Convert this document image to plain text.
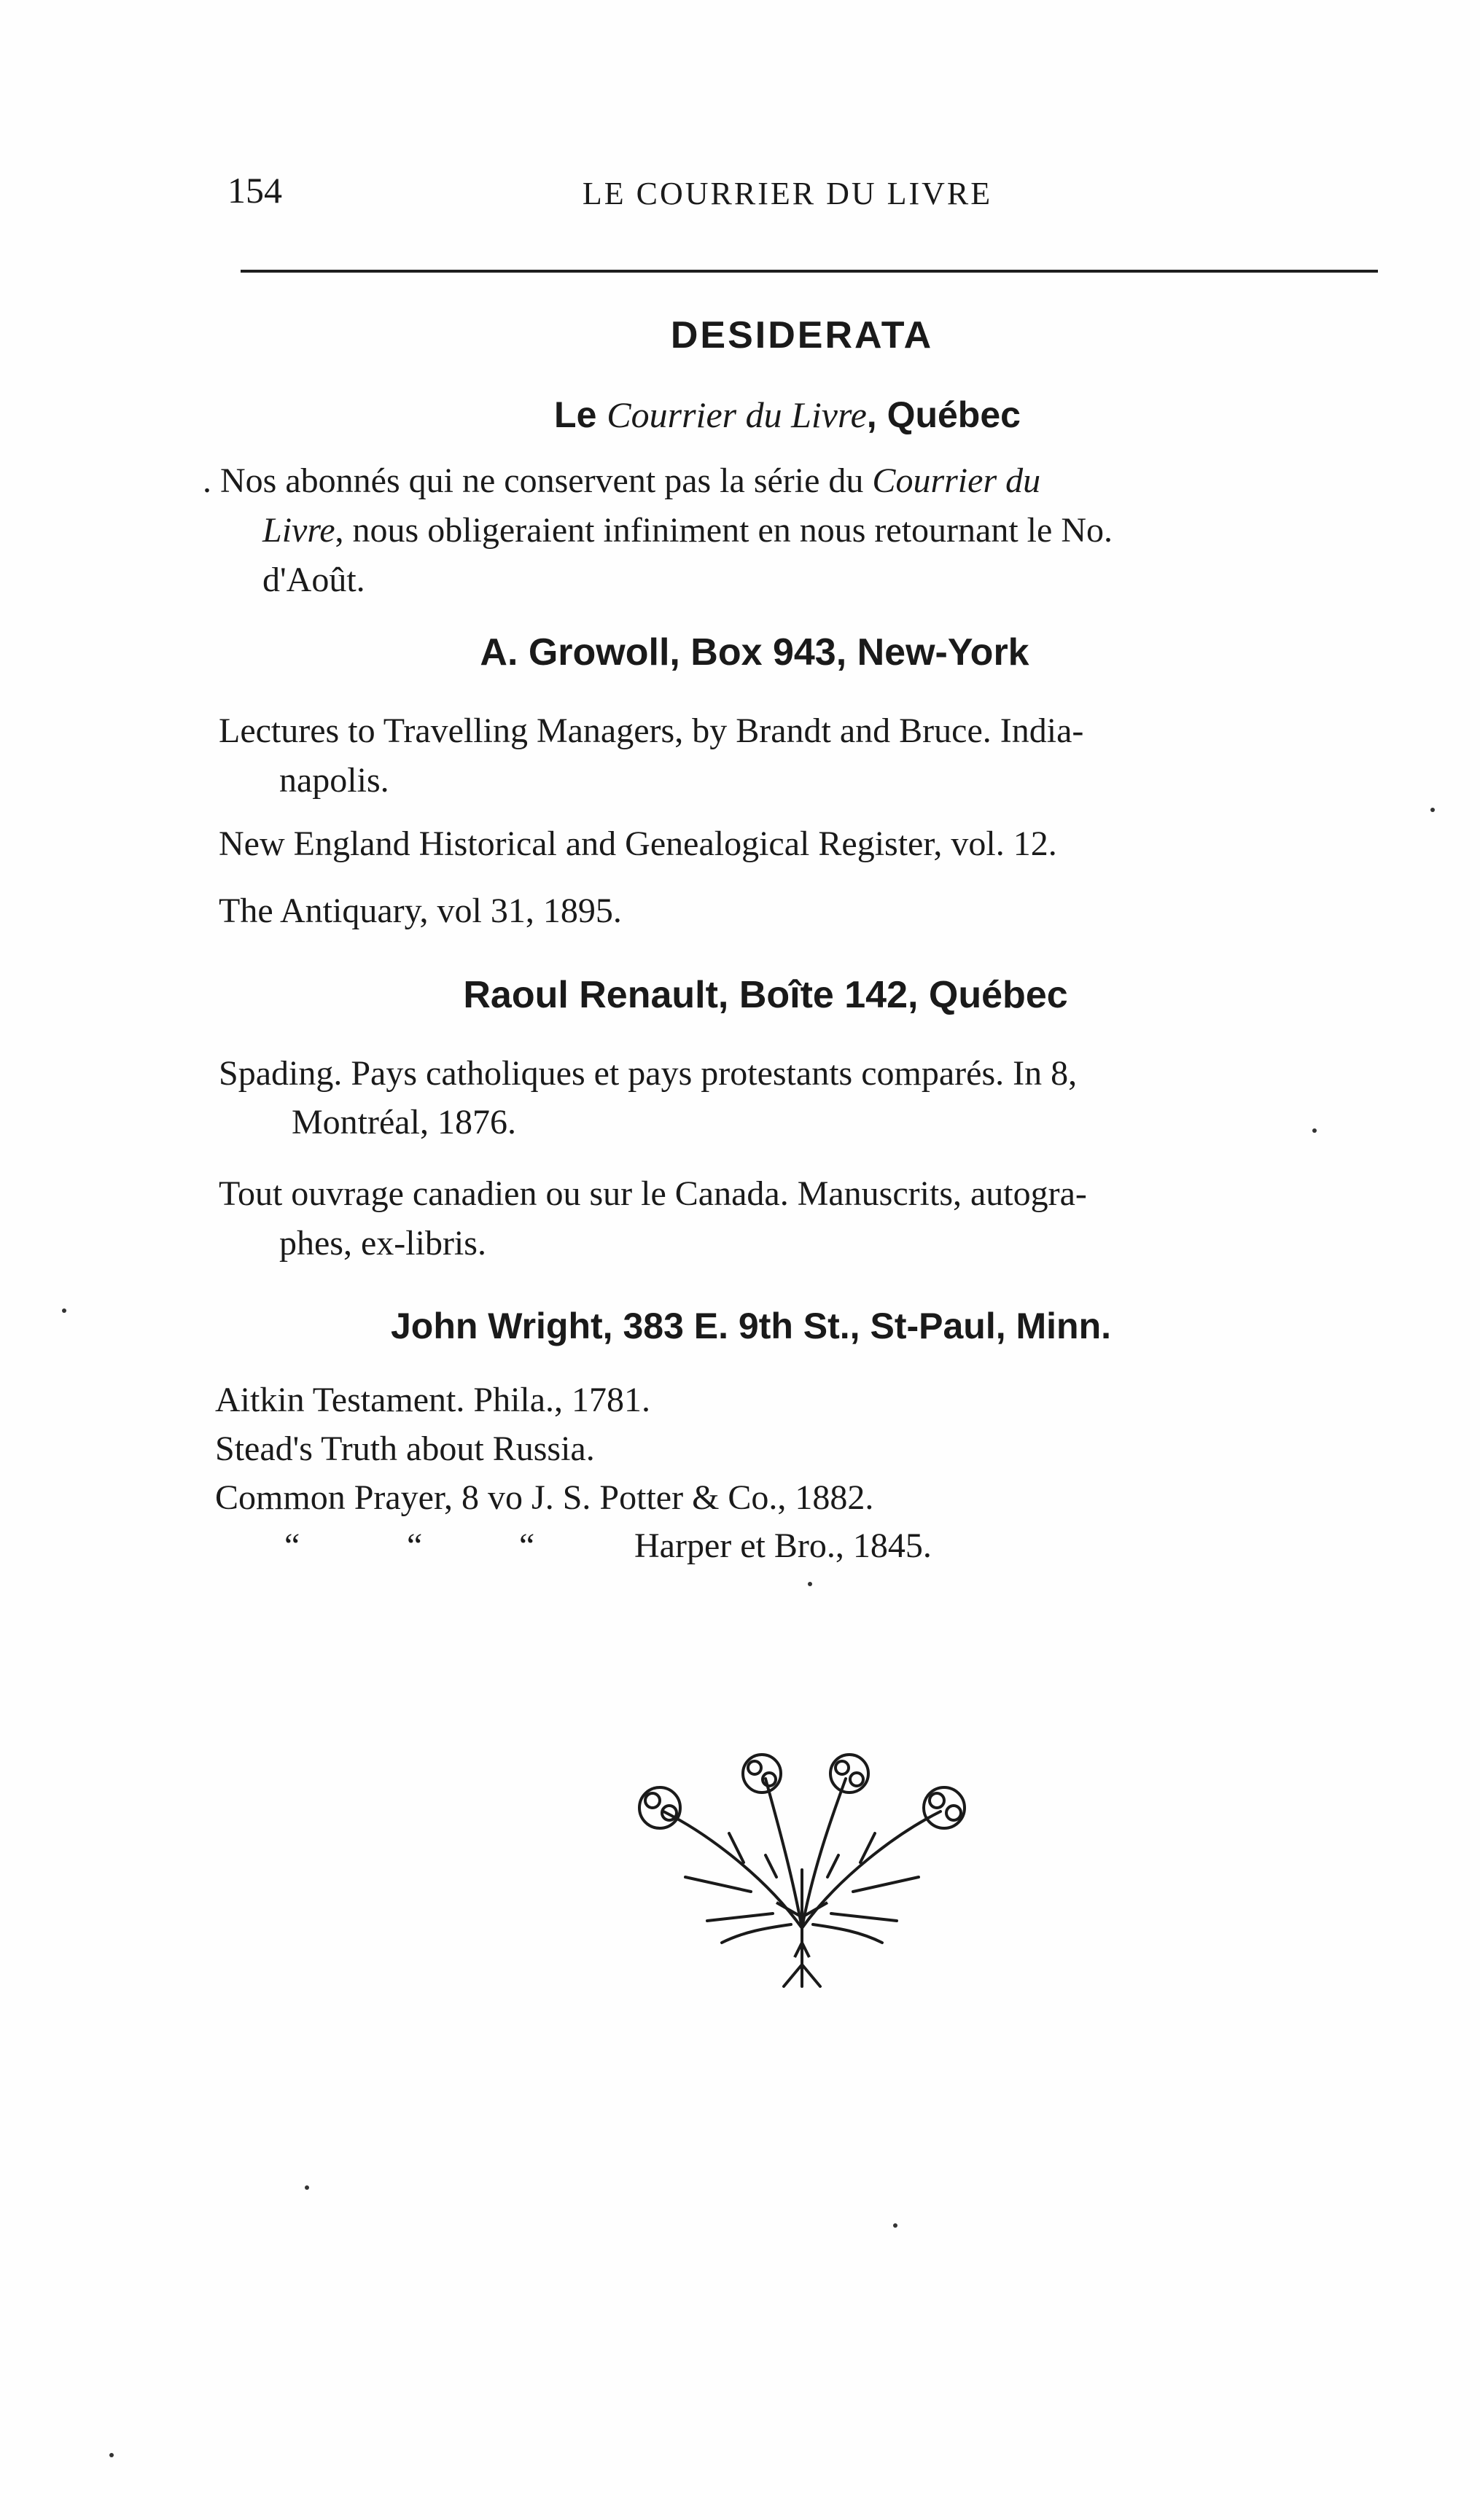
154	LE COURRIER DU LIVRE
DESIDERATA
Le Courrier du Livre, Québec
. Nos abonnés qui ne conservent pas la série du Courrier du
Livre, nous obligeraient infiniment en nous retournant le No.
d'Août.
A. Growoll, Box 943, New-York
Lectures to Travelling Managers, by Brandt and Bruce. India-
napolis.
New England Historical and Genealogical Register, vol. 12.
The Antiquary, vol 31, 1895.
Raoul Renault, Boîte 142, Québec
Spading. Pays catholiques et pays protestants comparés. In 8,
Montréal, 1876.
Tout ouvrage canadien ou sur le Canada. Manuscrits, autogra-
phes, ex-libris.
John Wright, 383 E. 9th St., St-Paul, Minn.
Aitkin Testament. Phila., 1781.
Stead's Truth about Russia.
Common Prayer, 8 vo J. S. Potter & Co., 1882.
“	“	“	Harper et Bro., 1845.
